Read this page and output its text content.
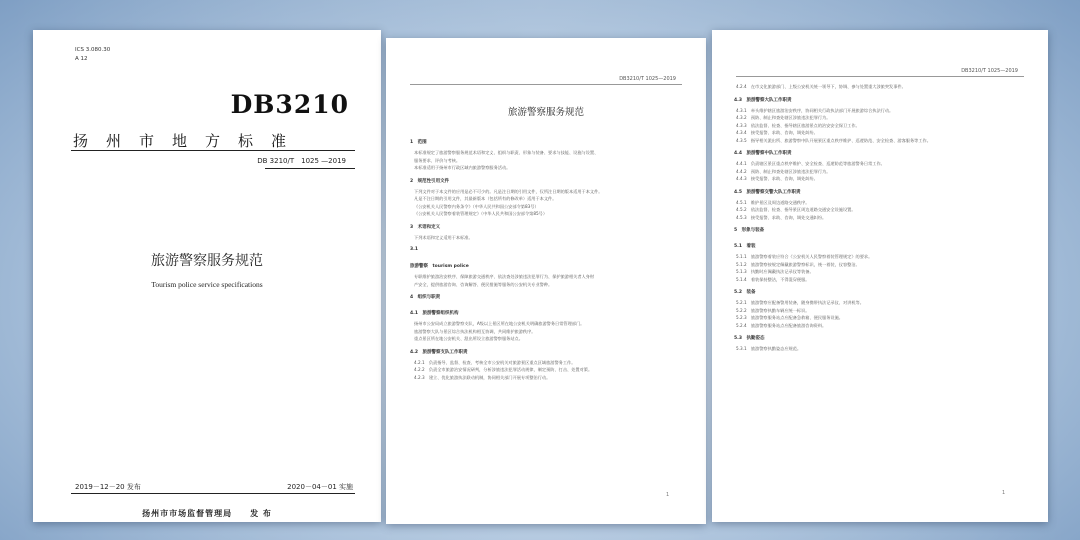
ICS 3.080.30
A 12
DB3210
扬州市地方标准
DB 3210/T　1025 —2019
旅游警察服务规范
Tourism police service specifications
2019－12－20 发布	2020－04－01 实施
扬州市市场监督管理局　　发 布
DB3210/T 1025—2019
旅游警察服务规范
1　范围
本标准规定了旅游警察服务规范术语和定义、组织与职责、形象与装备、要求与技能、设施与设置、
服务要求、评价与考核。
本标准适用于扬州市行政区域内旅游警察服务活动。
2　规范性引用文件
下列文件对于本文件的应用是必不可少的。凡是注日期的引用文件，仅所注日期的版本适用于本文件。
凡是不注日期的引用文件，其最新版本（包括所有的修改单）适用于本文件。
《公安机关人民警察内务条令》（中华人民共和国公安部令第83号）
《公安机关人民警察着装管理规定》（中华人民共和国公安部令第85号）
3　术语和定义
下列术语和定义适用于本标准。
3.1
旅游警察　tourism police
专职维护旅游治安秩序、保障旅游交通秩序、依法查处涉旅违法犯罪行为、保护旅游相关者人身财
产安全，提供旅游咨询、咨询解答、便民措施等服务的公安机关专业警种。
4　组织与职责
4.1　旅游警察组织机构
扬州市公安局成立旅游警察支队，A级以上景区所在地公安机关明确旅游警务日常管理部门。
旅游警察大队与景区综合执法机构相互协调，共同维护旅游秩序。
重点景区所在地公安机关、派出所设立旅游警察服务站点。
4.2　旅游警察支队工作职责
4.2.1　负责指导、监督、检查、考核全市公安机关对旅游景区重点区域旅游警务工作。
4.2.2　负责全市旅游治安情况研判，分析涉旅违法犯罪活动规律，制定预防、打击、处置对策。
4.2.3　建立、优化旅游执法联动机制，协同相关部门开展专项整治行动。
1
DB3210/T 1025—2019
4.2.4　在市文化旅游部门、上级公安机关统一领导下，协调、参与处置重大涉旅突发事件。
4.3　旅游警察大队工作职责
4.3.1　牵头维护辖区旅游治安秩序，协同相关行政执法部门开展旅游综合执法行动。
4.3.2　预防、制止和查处辖区涉旅违法犯罪行为。
4.3.3　依法监督、检查、指导辖区旅游景点的治安安全保卫工作。
4.3.4　接受报警、求助、咨询，调处纠纷。
4.3.5　指导相关派出所、旅游警察中队开展景区重点秩序维护、巡逻防范、安全检查、游客服务等工作。
4.4　旅游警察中队工作职责
4.4.1　负责辖区景区重点秩序维护、安全检查、巡逻防范等旅游警务日常工作。
4.4.2　预防、制止和查处辖区涉旅违法犯罪行为。
4.4.3　接受报警、求助、咨询，调处纠纷。
4.5　旅游警察交警大队工作职责
4.5.1　维护景区及周边道路交通秩序。
4.5.2　依法监督、检查、指导景区周边道路交通安全设施设置。
4.5.3　接受报警、求助、咨询，调处交通纠纷。
5　形象与装备
5.1　着装
5.1.1　旅游警察着装应符合《公安机关人民警察着装管理规定》的要求。
5.1.2　旅游警察按规定佩戴旅游警察标识，统一着装，仪容整洁。
5.1.3　执勤时应佩戴执法记录仪等装备。
5.1.4　着装保持整洁，不得混穿便服。
5.2　装备
5.2.1　旅游警察应配备警用装备，随身携带执法记录仪、对讲机等。
5.2.2　旅游警察执勤车辆应统一标识。
5.2.3　旅游警察服务站点应配备急救箱、便民服务设施。
5.2.4　旅游警察服务站点应配备旅游咨询资料。
5.3　执勤姿态
5.3.1　旅游警察执勤姿态应规范。
1
